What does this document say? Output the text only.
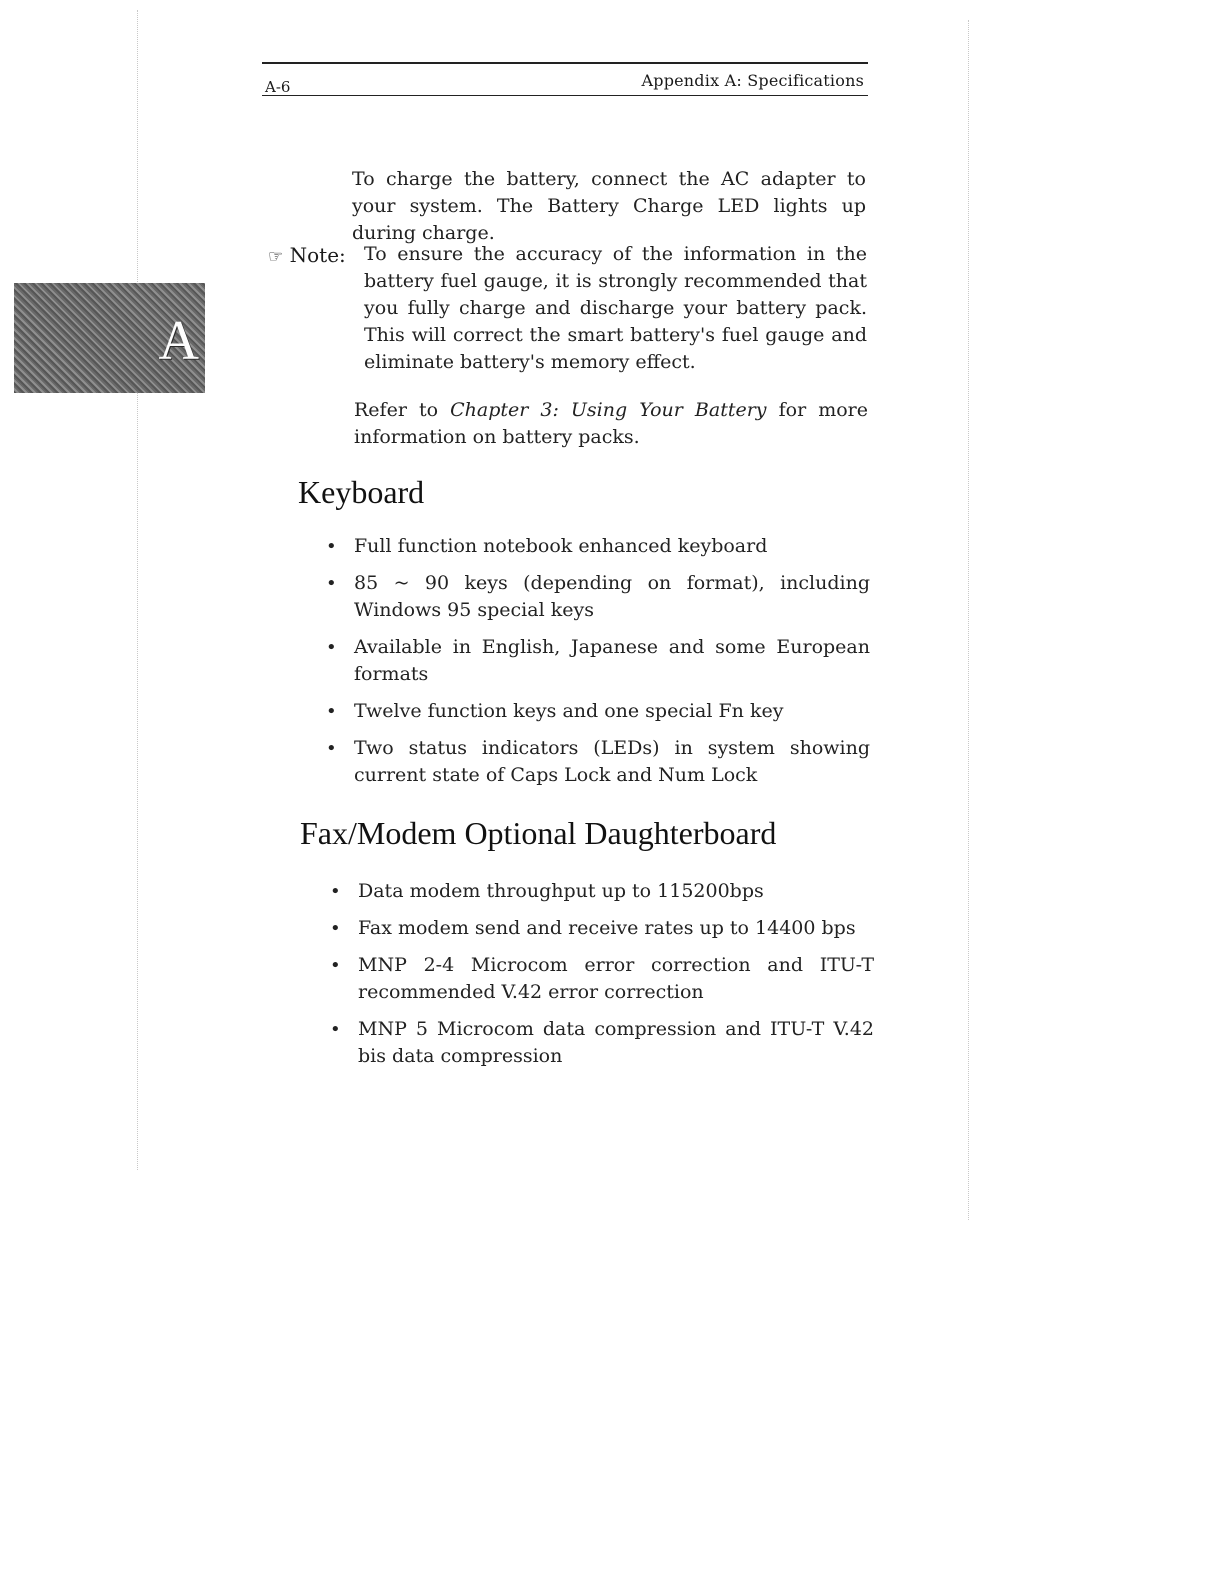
A-6	Appendix A: Specifications
A

To charge the battery, connect the AC adapter to your system. The Battery Charge LED lights up during charge.

☞ Note: To ensure the accuracy of the information in the battery fuel gauge, it is strongly recommended that you fully charge and discharge your battery pack. This will correct the smart battery's fuel gauge and eliminate battery's memory effect.

Refer to Chapter 3: Using Your Battery for more information on battery packs.

Keyboard
• Full function notebook enhanced keyboard
• 85 ~ 90 keys (depending on format), including Windows 95 special keys
• Available in English, Japanese and some European formats
• Twelve function keys and one special Fn key
• Two status indicators (LEDs) in system showing current state of Caps Lock and Num Lock
Fax/Modem Optional Daughterboard
• Data modem throughput up to 115200bps
• Fax modem send and receive rates up to 14400 bps
• MNP 2-4 Microcom error correction and ITU-T recommended V.42 error correction
• MNP 5 Microcom data compression and ITU-T V.42 bis data compression
